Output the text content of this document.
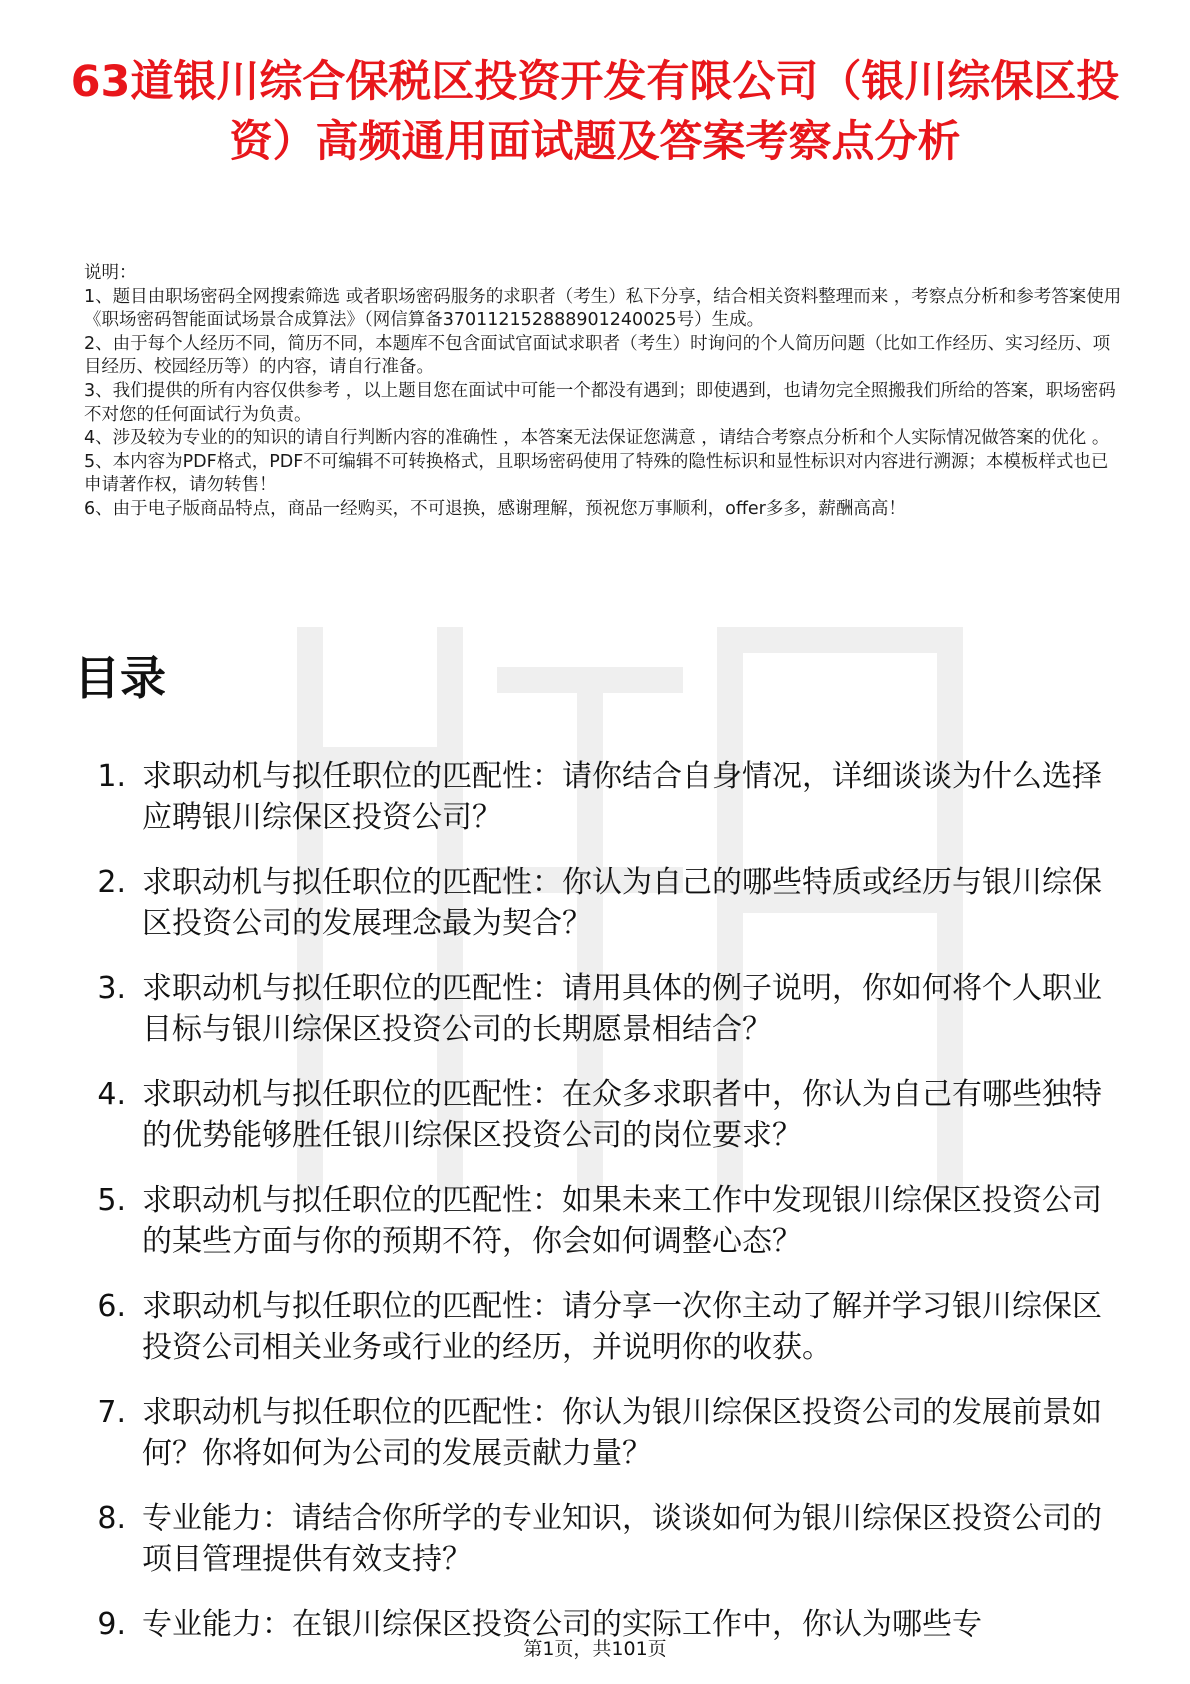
63道银川综合保税区投资开发有限公司（银川综保区投资）高频通用面试题及答案考察点分析

说明：

1、题目由职场密码全网搜索筛选 或者职场密码服务的求职者（考生）私下分享，结合相关资料整理而来 ，考察点分析和参考答案使用《职场密码智能面试场景合成算法》（网信算备370112152888901240025号）生成。

2、由于每个人经历不同，简历不同，本题库不包含面试官面试求职者（考生）时询问的个人简历问题（比如工作经历、实习经历、项目经历、校园经历等）的内容，请自行准备。

3、我们提供的所有内容仅供参考 ，以上题目您在面试中可能一个都没有遇到；即使遇到，也请勿完全照搬我们所给的答案，职场密码不对您的任何面试行为负责。

4、涉及较为专业的的知识的请自行判断内容的准确性 ，本答案无法保证您满意 ，请结合考察点分析和个人实际情况做答案的优化 。

5、本内容为PDF格式，PDF不可编辑不可转换格式，且职场密码使用了特殊的隐性标识和显性标识对内容进行溯源；本模板样式也已申请著作权，请勿转售！

6、由于电子版商品特点，商品一经购买，不可退换，感谢理解，预祝您万事顺利，offer多多，薪酬高高！

目录
1. 求职动机与拟任职位的匹配性：请你结合自身情况，详细谈谈为什么选择应聘银川综保区投资公司？
2. 求职动机与拟任职位的匹配性：你认为自己的哪些特质或经历与银川综保区投资公司的发展理念最为契合？
3. 求职动机与拟任职位的匹配性：请用具体的例子说明，你如何将个人职业目标与银川综保区投资公司的长期愿景相结合？
4. 求职动机与拟任职位的匹配性：在众多求职者中，你认为自己有哪些独特的优势能够胜任银川综保区投资公司的岗位要求？
5. 求职动机与拟任职位的匹配性：如果未来工作中发现银川综保区投资公司的某些方面与你的预期不符，你会如何调整心态？
6. 求职动机与拟任职位的匹配性：请分享一次你主动了解并学习银川综保区投资公司相关业务或行业的经历，并说明你的收获。
7. 求职动机与拟任职位的匹配性：你认为银川综保区投资公司的发展前景如何？你将如何为公司的发展贡献力量？
8. 专业能力：请结合你所学的专业知识，谈谈如何为银川综保区投资公司的项目管理提供有效支持？
9. 专业能力：在银川综保区投资公司的实际工作中，你认为哪些专
第1页，共101页
